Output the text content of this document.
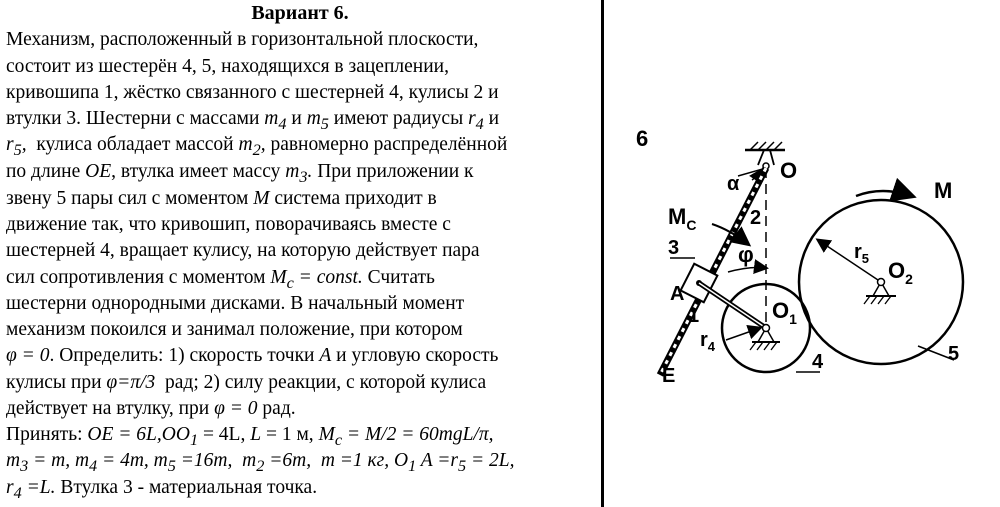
Вариант 6.
Механизм, расположенный в горизонтальной плоскости,
состоит из шестерён 4, 5, находящихся в зацеплении,
кривошипа 1, жёстко связанного с шестерней 4, кулисы 2 и
втулки 3. Шестерни с массами $m_4$ и $m_5$ имеют радиусы $r_4$ и
$r_5$,  кулиса обладает массой $m_2$, равномерно распределённой
по длине OE, втулка имеет массу $m_3$. При приложении к
звену 5 пары сил с моментом M система приходит в
движение так, что кривошип, поворачиваясь вместе с
шестерней 4, вращает кулису, на которую действует пара
сил сопротивления с моментом $M_c$ = const. Считать
шестерни однородными дисками. В начальный момент
механизм покоился и занимал положение, при котором
φ = 0. Определить: 1) скорость точки A и угловую скорость
кулисы при φ=π/3  рад; 2) силу реакции, с которой кулиса
действует на втулку, при φ = 0 рад.
Принять: OE = $6L,OO_1 = 4L$, L = 1 м, $M_c = M/2 = 60mgL/\pi$,
$m_3 = m$, $m_4 = 4m$, $m_5 =16m$,  $m_2 =6m$,  m =1 кг, $O_1$ $A =r_5 = 2L$,
$r_4 =L$. Втулка 3 - материальная точка.
6
O
α
2
E
$M_C$
φ
3
A
1
$r_4$
$O_1$
4
$r_5$ $O_2$
M
5
